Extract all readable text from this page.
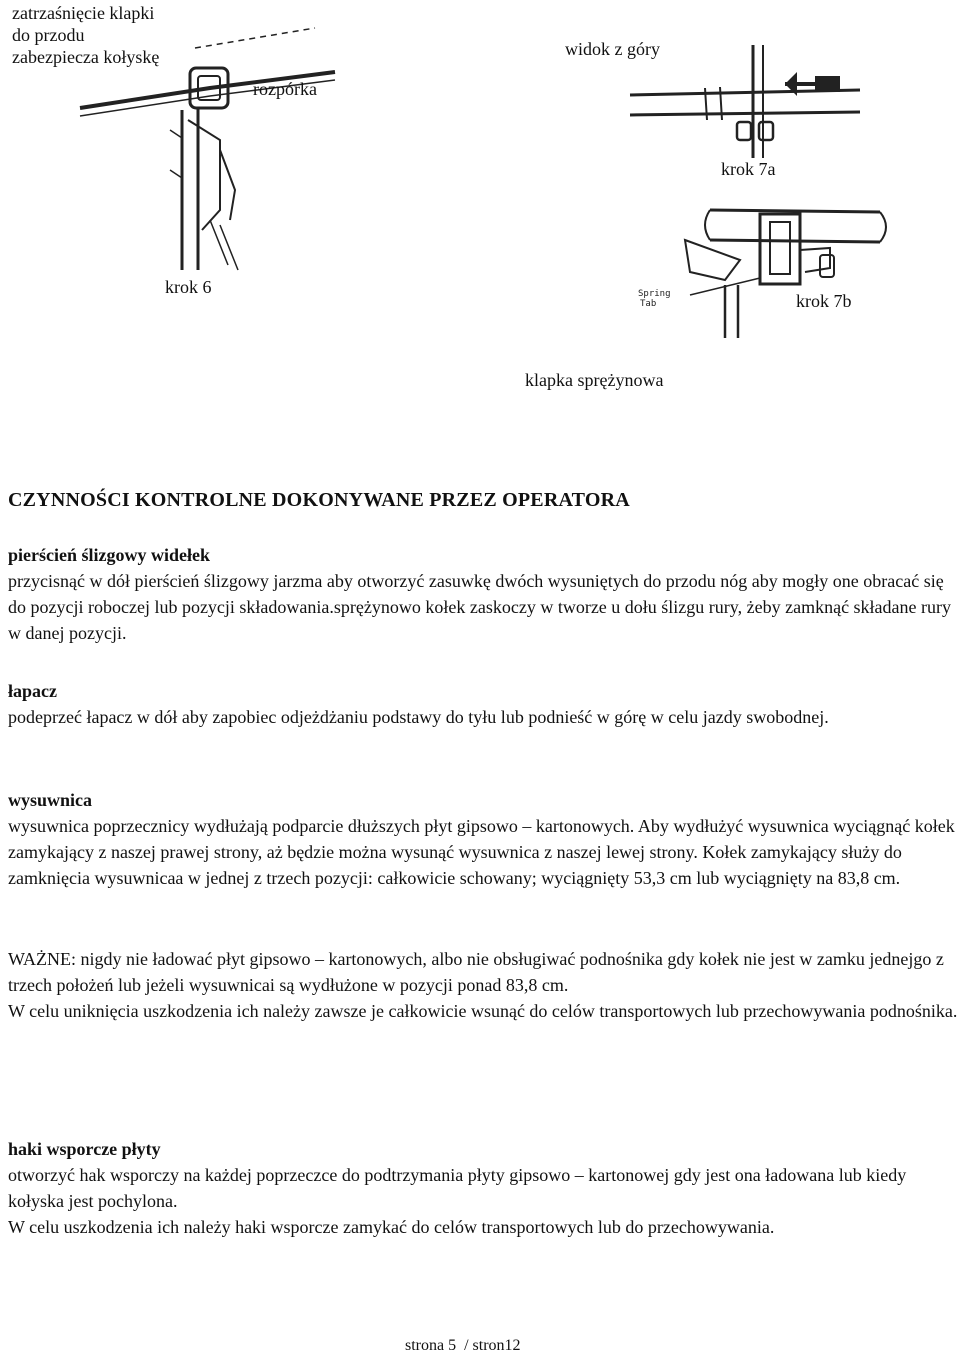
zatrzaśnięcie klapki
do przodu
zabezpiecza kołyskę
rozpórka
krok 6
widok z góry
krok 7a
Spring
Tab	krok 7b
klapka sprężynowa
CZYNNOŚCI KONTROLNE DOKONYWANE PRZEZ OPERATORA
pierścień ślizgowy widełek
przycisnąć w dół pierścień ślizgowy jarzma aby otworzyć zasuwkę dwóch wysuniętych do przodu nóg aby mogły one obracać się do pozycji roboczej lub pozycji składowania.sprężynowo kołek zaskoczy w tworze u dołu ślizgu rury, żeby zamknąć składane rury w danej pozycji.
łapacz
podeprzeć łapacz w dół aby zapobiec odjeżdżaniu podstawy do tyłu lub podnieść w górę w celu jazdy swobodnej.
wysuwnica
wysuwnica poprzecznicy wydłużają podparcie dłuższych płyt gipsowo – kartonowych. Aby wydłużyć wysuwnica wyciągnąć kołek zamykający z naszej prawej strony, aż będzie można wysunąć wysuwnica z naszej lewej strony. Kołek zamykający służy do zamknięcia wysuwnicaa w jednej z trzech pozycji: całkowicie schowany; wyciągnięty 53,3 cm lub wyciągnięty na 83,8 cm.
WAŻNE: nigdy nie ładować płyt gipsowo – kartonowych, albo nie obsługiwać podnośnika gdy kołek nie jest w zamku jednejgo z trzech położeń lub jeżeli wysuwnicai są wydłużone w pozycji ponad 83,8 cm.
W celu uniknięcia uszkodzenia ich należy zawsze je całkowicie wsunąć do celów transportowych lub przechowywania podnośnika.
haki wsporcze płyty
otworzyć hak wsporczy na każdej poprzeczce do podtrzymania płyty gipsowo – kartonowej gdy jest ona ładowana lub kiedy kołyska jest pochylona.
W celu uszkodzenia ich należy haki wsporcze zamykać do celów transportowych lub do przechowywania.
strona 5  / stron12
